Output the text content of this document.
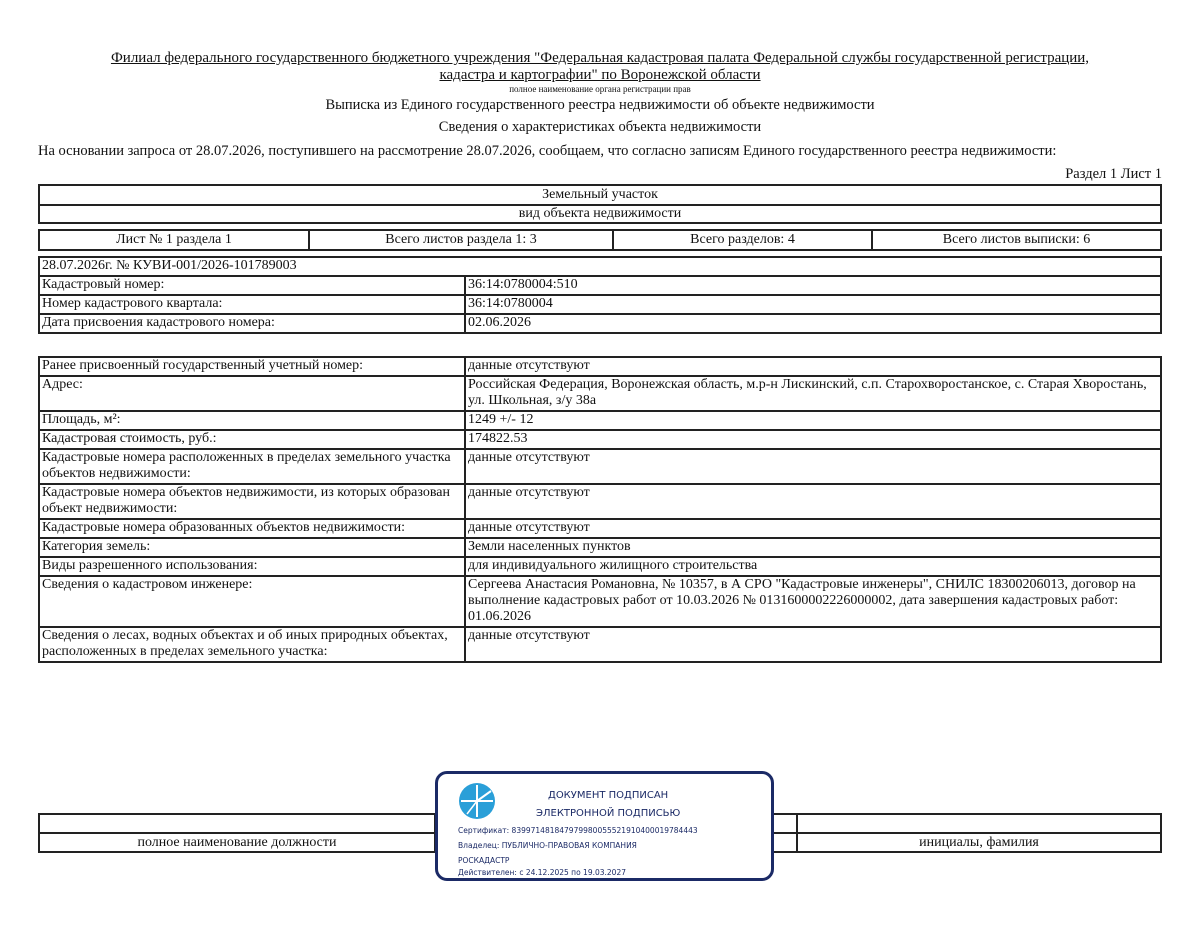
Филиал федерального государственного бюджетного учреждения "Федеральная кадастровая палата Федеральной службы государственной регистрации,
кадастра и картографии" по Воронежской области
полное наименование органа регистрации прав
Выписка из Единого государственного реестра недвижимости об объекте недвижимости
Сведения о характеристиках объекта недвижимости
На основании запроса от 28.07.2026, поступившего на рассмотрение 28.07.2026, сообщаем, что согласно записям Единого государственного реестра недвижимости:
Раздел 1 Лист 1
Земельный участок
вид объекта недвижимости
Лист № 1 раздела 1	Всего листов раздела 1: 3	Всего разделов: 4	Всего листов выписки: 6
28.07.2026г. № КУВИ-001/2026-101789003	
Кадастровый номер:	36:14:0780004:510
Номер кадастрового квартала:	36:14:0780004
Дата присвоения кадастрового номера:	02.06.2026
Ранее присвоенный государственный учетный номер:	данные отсутствуют
Адрес:	Российская Федерация, Воронежская область, м.р-н Лискинский, с.п. Старохворостанское, с. Старая Хворостань, ул. Школьная, з/у 38а
Площадь, м²:	1249 +/- 12
Кадастровая стоимость, руб.:	174822.53
Кадастровые номера расположенных в пределах земельного участка объектов недвижимости:	данные отсутствуют
Кадастровые номера объектов недвижимости, из которых образован объект недвижимости:	данные отсутствуют
Кадастровые номера образованных объектов недвижимости:	данные отсутствуют
Категория земель:	Земли населенных пунктов
Виды разрешенного использования:	для индивидуального жилищного строительства
Сведения о кадастровом инженере:	Сергеева Анастасия Романовна, № 10357, в А СРО "Кадастровые инженеры", СНИЛС 18300206013, договор на выполнение кадастровых работ от 10.03.2026 № 0131600002226000002, дата завершения кадастровых работ: 01.06.2026
Сведения о лесах, водных объектах и об иных природных объектах, расположенных в пределах земельного участка:	данные отсутствуют

полное наименование должности		инициалы, фамилия
ДОКУМЕНТ ПОДПИСАН
ЭЛЕКТРОННОЙ ПОДПИСЬЮ
Сертификат: 839971481847979980055521910400019784443
Владелец: ПУБЛИЧНО-ПРАВОВАЯ КОМПАНИЯ
РОСКАДАСТР
Действителен: с 24.12.2025 по 19.03.2027
